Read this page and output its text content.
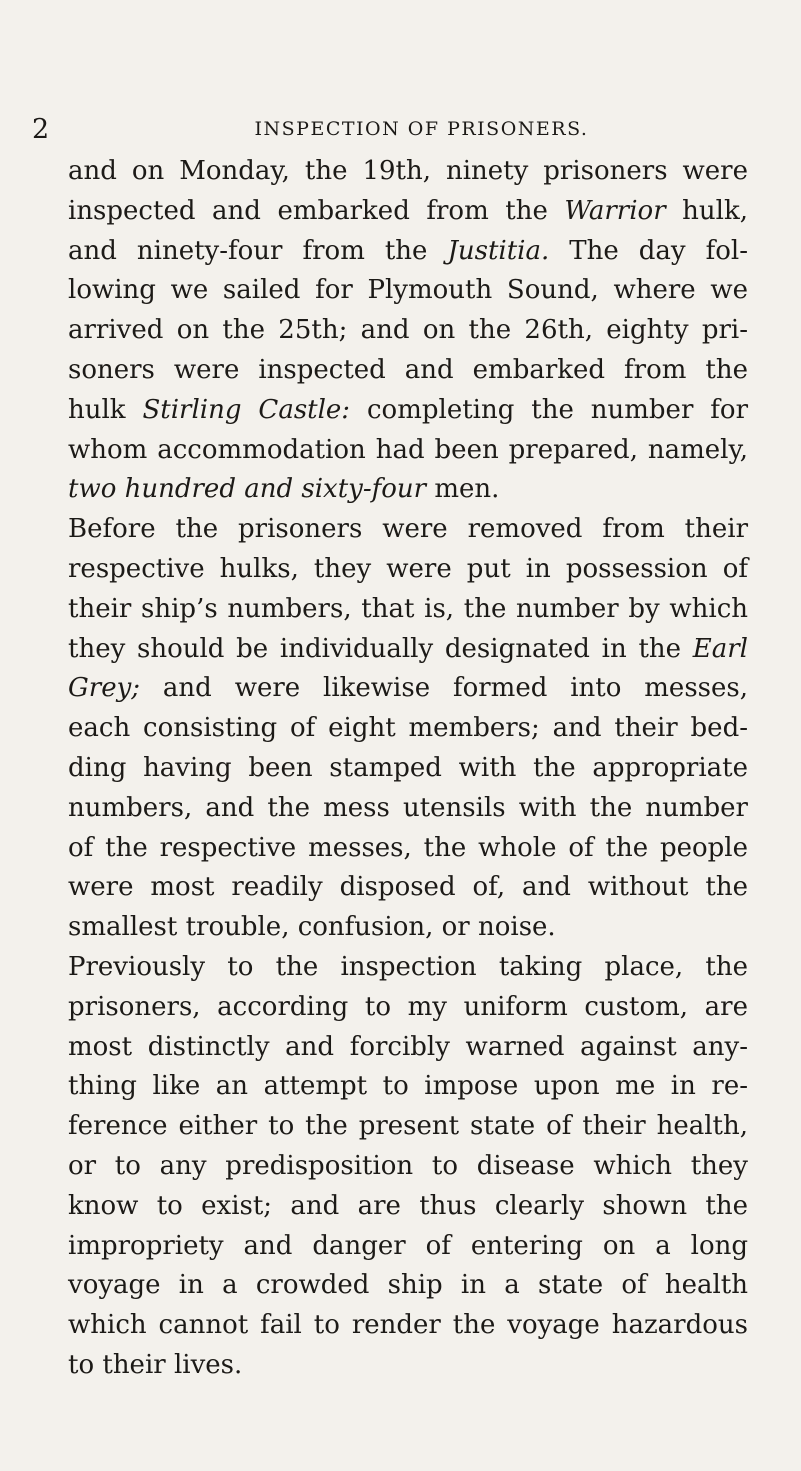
2	INSPECTION OF PRISONERS.
and on Monday, the 19th, ninety prisoners were
inspected and embarked from the Warrior hulk,
and ninety-four from the Justitia. The day fol-
lowing we sailed for Plymouth Sound, where we
arrived on the 25th; and on the 26th, eighty pri-
soners were inspected and embarked from the
hulk Stirling Castle: completing the number for
whom accommodation had been prepared, namely,
two hundred and sixty-four men.
Before the prisoners were removed from their
respective hulks, they were put in possession of
their ship’s numbers, that is, the number by which
they should be individually designated in the Earl
Grey; and were likewise formed into messes,
each consisting of eight members; and their bed-
ding having been stamped with the appropriate
numbers, and the mess utensils with the number
of the respective messes, the whole of the people
were most readily disposed of, and without the
smallest trouble, confusion, or noise.
Previously to the inspection taking place, the
prisoners, according to my uniform custom, are
most distinctly and forcibly warned against any-
thing like an attempt to impose upon me in re-
ference either to the present state of their health,
or to any predisposition to disease which they
know to exist; and are thus clearly shown the
impropriety and danger of entering on a long
voyage in a crowded ship in a state of health
which cannot fail to render the voyage hazardous
to their lives.
